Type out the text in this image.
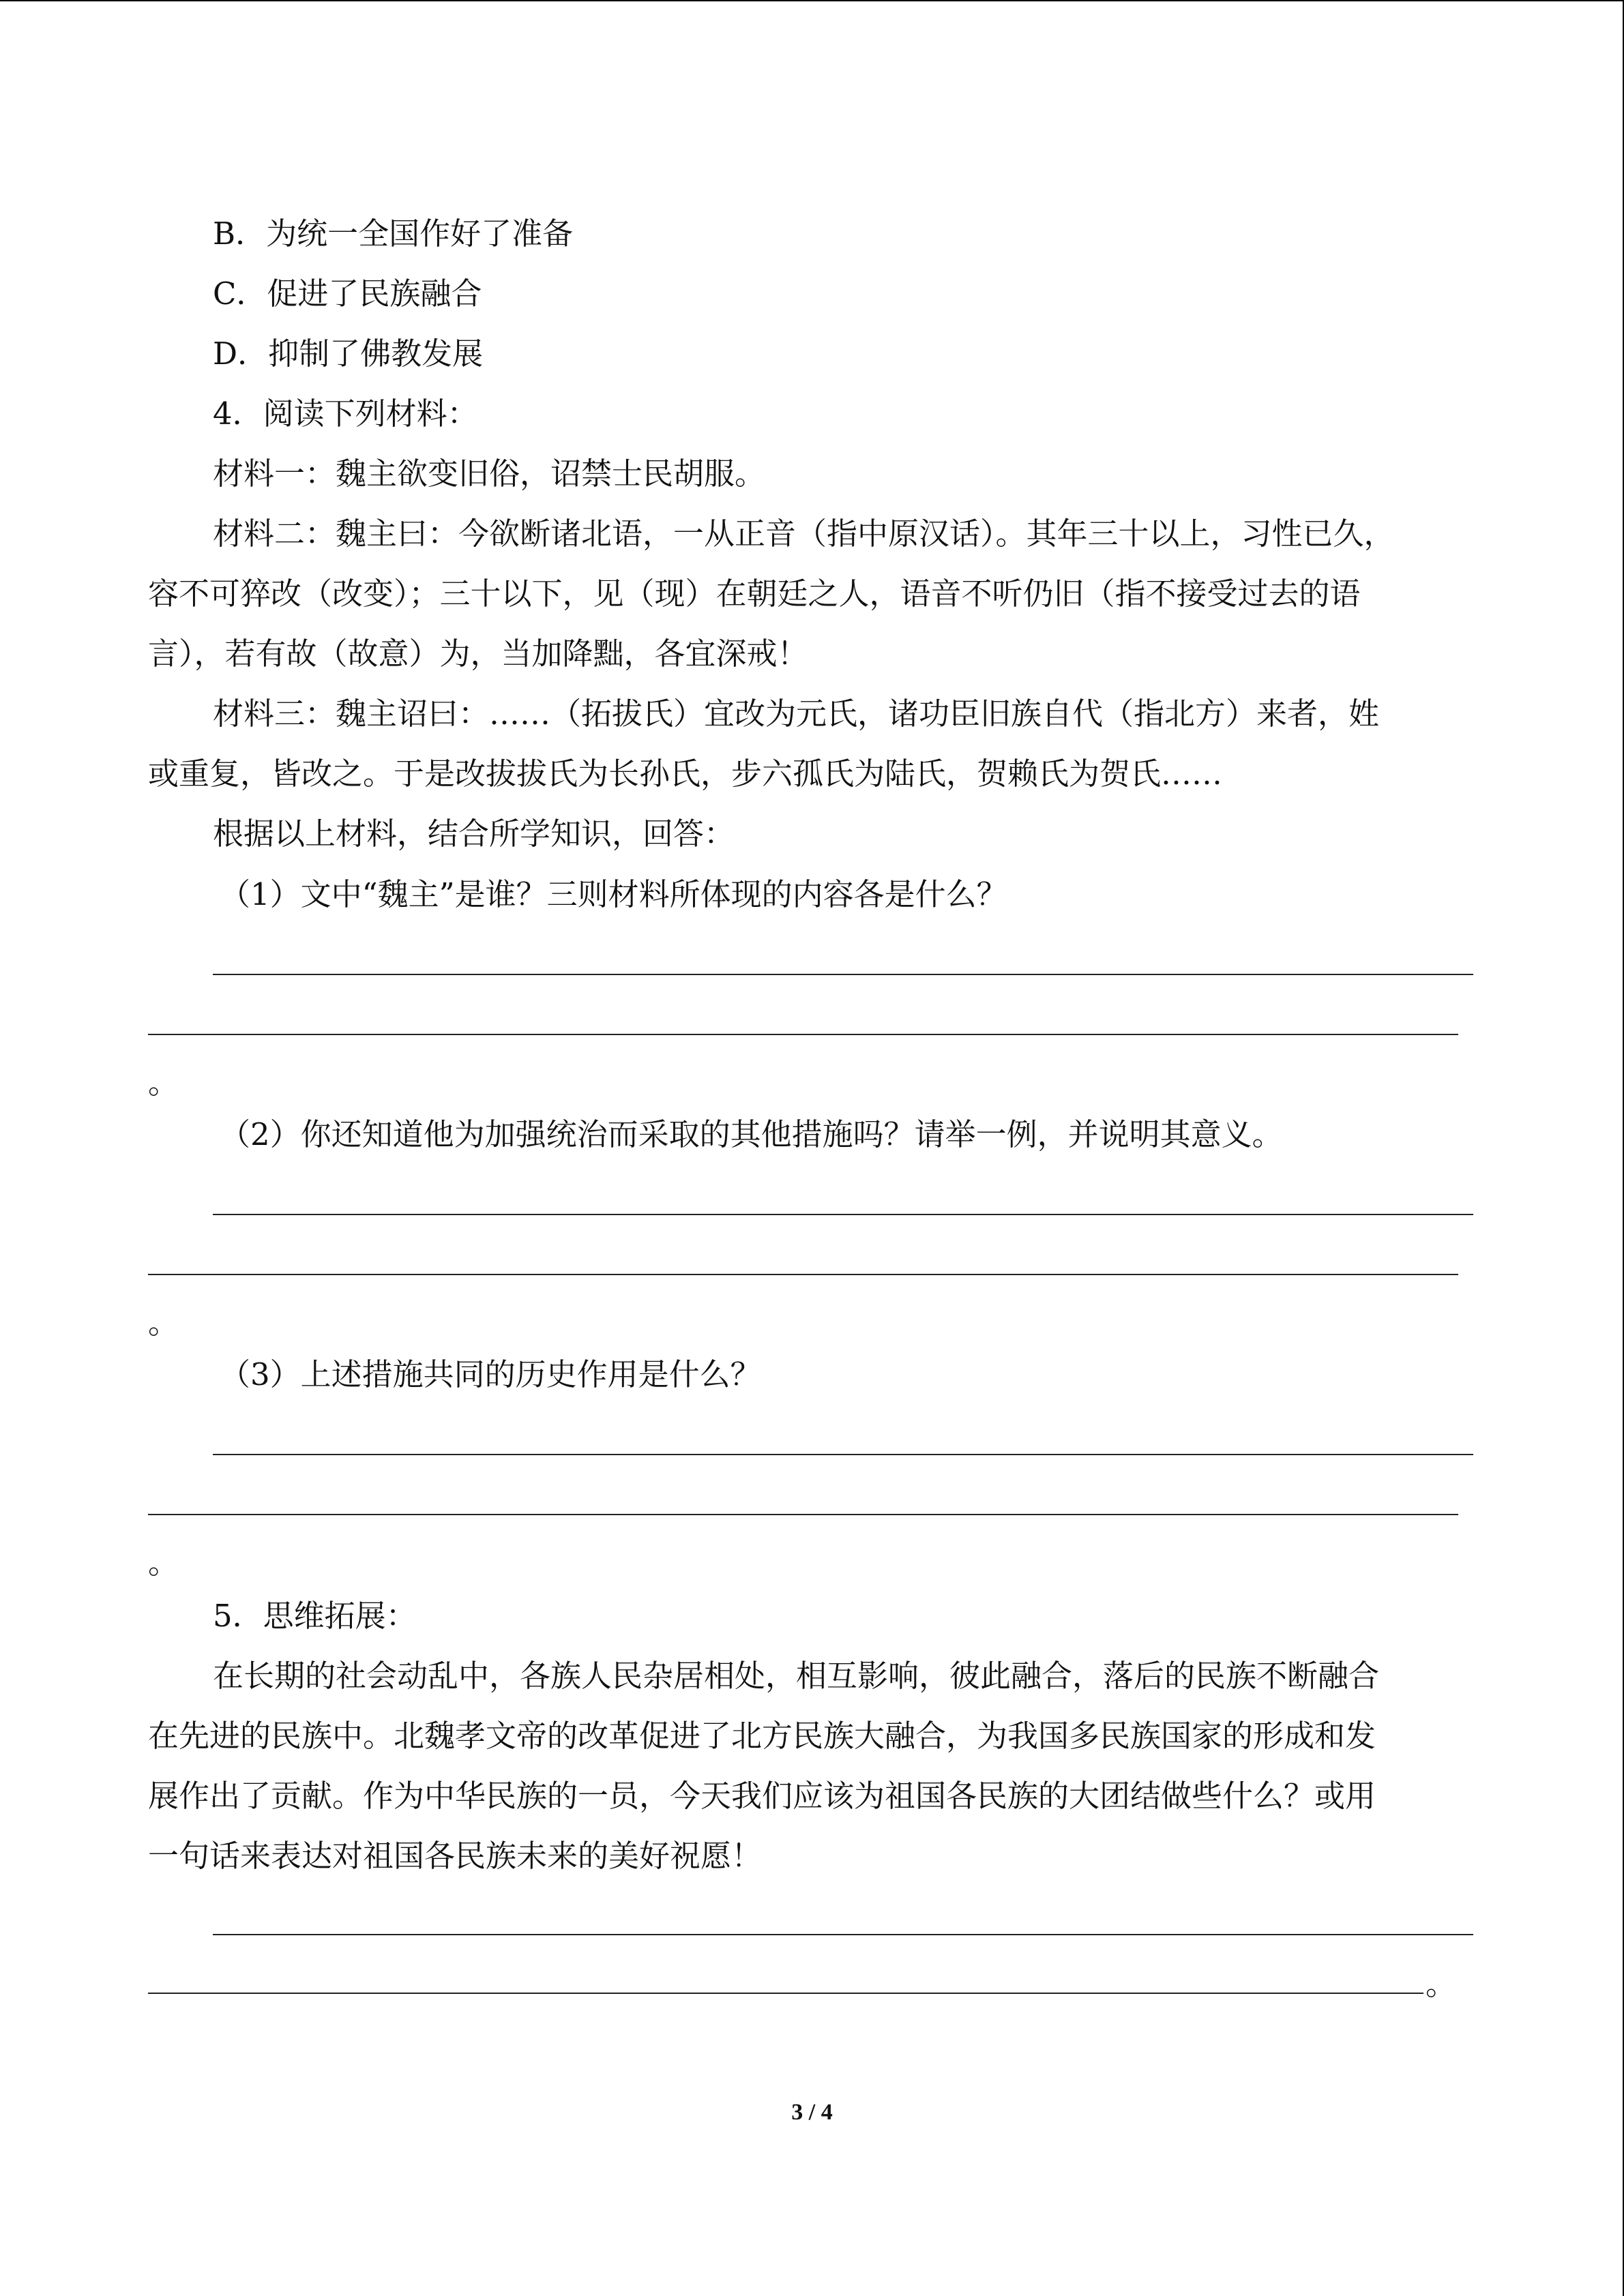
B．为统一全国作好了准备

C．促进了民族融合

D．抑制了佛教发展

4．阅读下列材料：

材料一：魏主欲变旧俗，诏禁士民胡服。

材料二：魏主曰：今欲断诸北语，一从正音（指中原汉话）。其年三十以上，习性已久，

容不可猝改（改变）；三十以下，见（现）在朝廷之人，语音不听仍旧（指不接受过去的语

言），若有故（故意）为，当加降黜，各宜深戒！

材料三：魏主诏曰：……（拓拔氏）宜改为元氏，诸功臣旧族自代（指北方）来者，姓

或重复，皆改之。于是改拔拔氏为长孙氏，步六孤氏为陆氏，贺赖氏为贺氏……

根据以上材料，结合所学知识，回答：

（1）文中“魏主”是谁？三则材料所体现的内容各是什么？

。

（2）你还知道他为加强统治而采取的其他措施吗？请举一例，并说明其意义。

。

（3）上述措施共同的历史作用是什么？

。

5．思维拓展：

在长期的社会动乱中，各族人民杂居相处，相互影响，彼此融合，落后的民族不断融合

在先进的民族中。北魏孝文帝的改革促进了北方民族大融合，为我国多民族国家的形成和发

展作出了贡献。作为中华民族的一员，今天我们应该为祖国各民族的大团结做些什么？或用

一句话来表达对祖国各民族未来的美好祝愿！

。
3 / 4
